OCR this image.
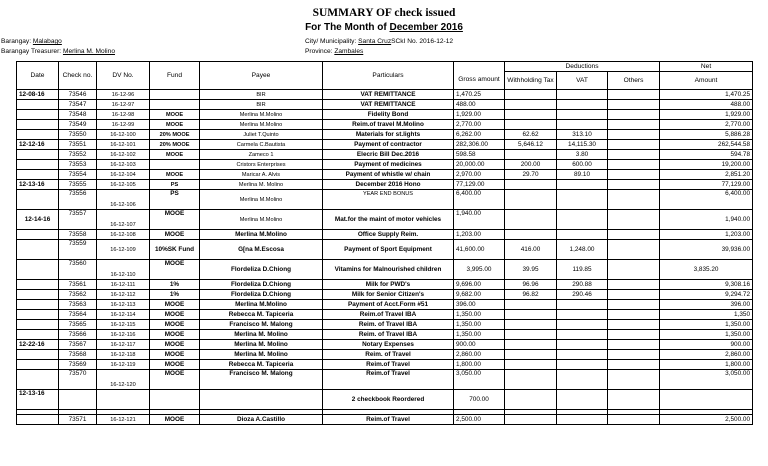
SUMMARY OF check issued
For The Month of December 2016
Barangay: Malabago
Barangay Treasurer: Merlina M. Molino
City/ Municipality: Santa CruzSCkI No. 2016-12-12
Province: Zambales
Date	Check no.	DV No.	Fund	Payee	Particulars		Deductions			Net
						Gross amount	Withholding Tax	VAT	Others	Amount
12-08-16	73546	16-12-96		BIR	VAT REMITTANCE	1,470.25				1,470.25
	73547	16-12-97		BIR	VAT REMITTANCE	488.00				488.00
	73548	16-12-98	MOOE	Merlina M.Molino	Fidelity Bond	1,929.00				1,929.00
	73549	16-12-99	MOOE	Merlina M.Molino	Reim.of travel M.Molino	2,770.00				2,770.00
	73550	16-12-100	20% MOOE	Juliet T.Quinto	Materials for st.lights	6,262.00	62.62	313.10		5,886.28
12-12-16	73551	16-12-101	20% MOOE	Carmela C.Bautista	Payment of contractor	282,306.00	5,646.12	14,115.30		262,544.58
	73552	16-12-102	MOOE	Zameco 1	Elecric Bill Dec.2016	598.58		3.80		594.78
	73553	16-12-103		Cristors Enterprises	Payment of medicines	20,000.00	200.00	600.00		19,200.00
	73554	16-12-104	MOOE	Maricar A. Alvis	Payment of whistle w/ chain	2,970.00	29.70	89.10		2,851.20
12-13-16	73555	16-12-105	PS	Merlina M. Molino	December 2016 Hono	77,129.00				77,129.00
	73556	16-12-106	PS	Merlina M.Molino	YEAR END BONUS	6,400.00				6,400.00
12-14-16	73557	16-12-107	MOOE	Merlina M.Molino	Mat.for the maint of motor vehicles	1,940.00				1,940.00
	73558	16-12-108	MOOE	Merlina M.Molino	Office Supply Reim.	1,203.00				1,203.00
	73559	16-12-109	10%SK Fund	G[na M.Escosa	Payment of Sport Equipment	41,600.00	416.00	1,248.00		39,936.00
	73560	16-12-110	MOOE	Flordeliza D.Chiong	Vitamins for Malnourished children	3,995.00	39.95	119.85		3,835.20
	73561	16-12-111	1%	Flordeliza D.Chiong	Milk for PWD's	9,696.00	96.96	290.88		9,308.16
	73562	16-12-112	1%	Flordeliza D.Chiong	Milk for Senior Citizen's	9,682.00	96.82	290.46		9,294.72
	73563	16-12-113	MOOE	Merlina M.Molino	Payment of Acct.Form #51	396.00				396.00
	73564	16-12-114	MOOE	Rebecca M. Tapiceria	Reim.of Travel IBA	1,350.00				1,350
	73565	16-12-115	MOOE	Francisco M. Malong	Reim. of Travel IBA	1,350.00				1,350.00
	73566	16-12-116	MOOE	Merlina M. Molino	Reim. of Travel IBA	1,350.00				1,350.00
12-22-16	73567	16-12-117	MOOE	Merlina M. Molino	Notary Expenses	900.00				900.00
	73568	16-12-118	MOOE	Merlina M. Molino	Reim. of Travel	2,860.00				2,860.00
	73569	16-12-119	MOOE	Rebecca M. Tapiceria	Reim.of Travel	1,800.00				1,800.00
	73570	16-12-120	MOOE	Francisco M. Malong	Reim.of Travel	3,050.00				3,050.00
12-13-16					2 checkbook Reordered	700.00				

	73571	16-12-121	MOOE	Dioza A.Castillo	Reim.of Travel	2,500.00				2,500.00
